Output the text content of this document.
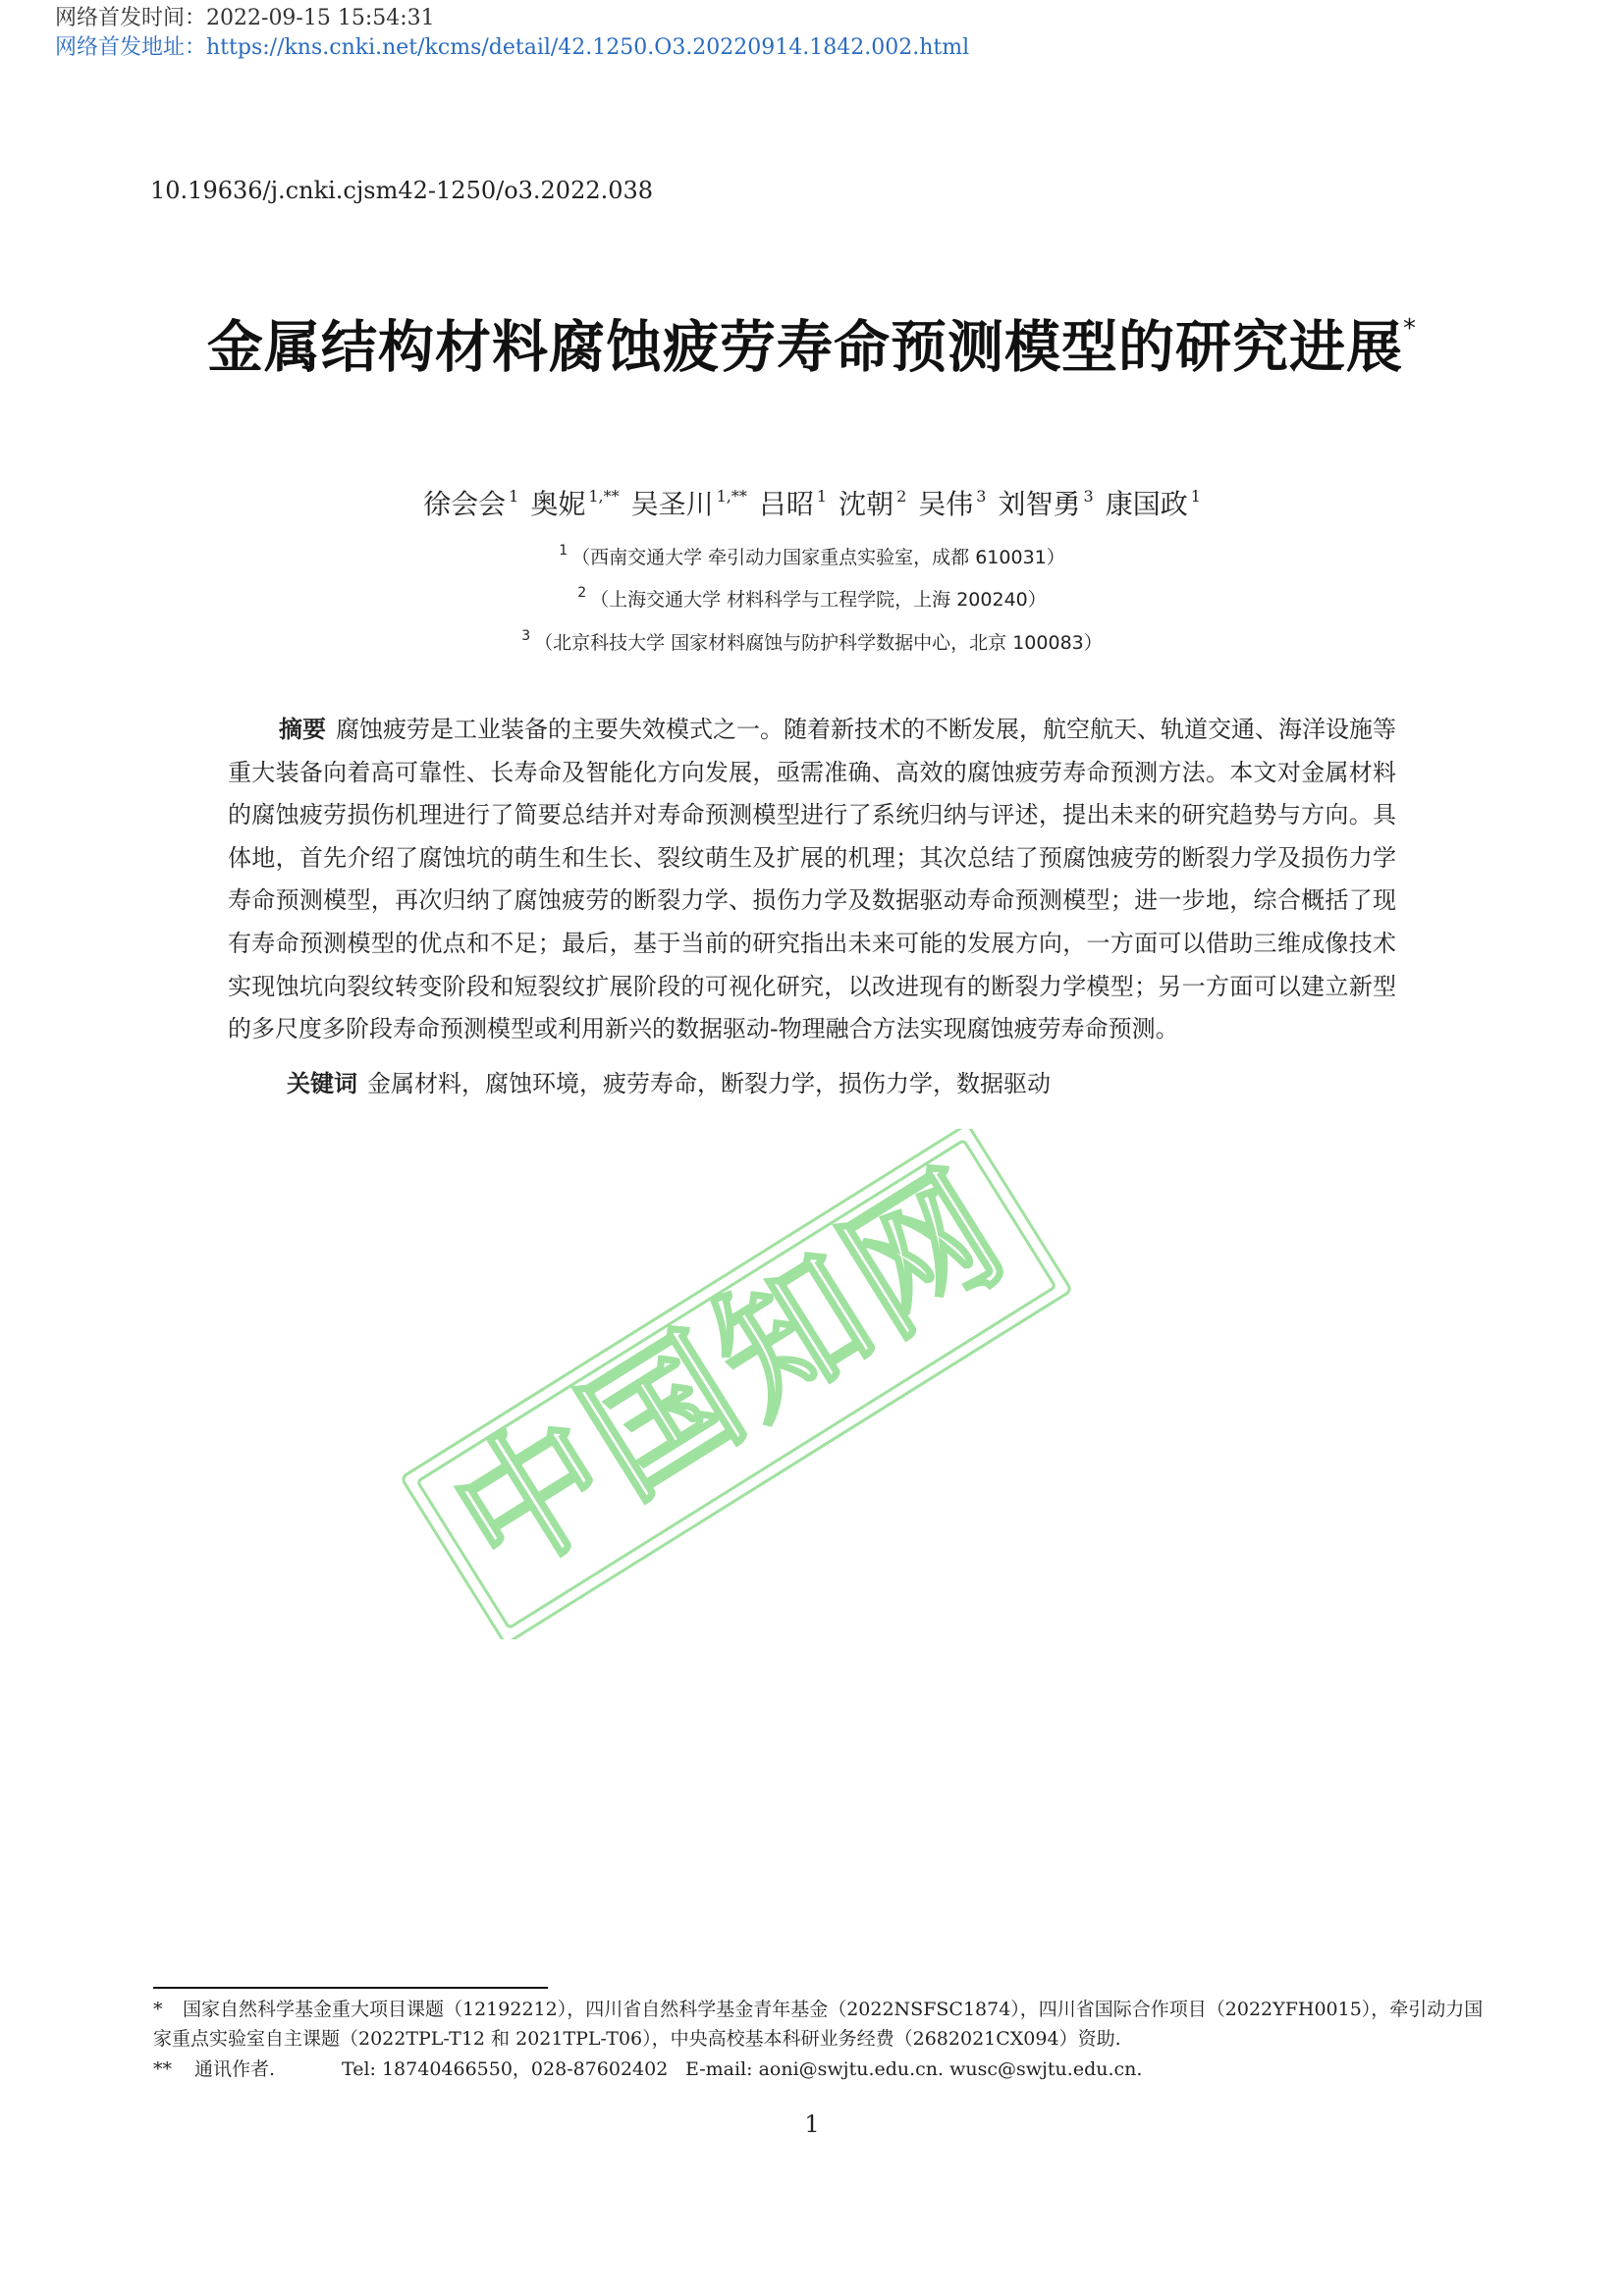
网络首发时间：2022-09-15 15:54:31
网络首发地址：https://kns.cnki.net/kcms/detail/42.1250.O3.20220914.1842.002.html
10.19636/j.cnki.cjsm42-1250/o3.2022.038
金属结构材料腐蚀疲劳寿命预测模型的研究进展*
徐会会 $^1$ 奥妮 $^{1,**}$ 吴圣川 $^{1,**}$ 吕昭 $^1$ 沈朝 $^2$ 吴伟 $^3$ 刘智勇 $^3$ 康国政 $^1$
$^1$ （西南交通大学 牵引动力国家重点实验室，成都 610031）
$^2$ （上海交通大学 材料科学与工程学院，上海 200240）
$^3$ （北京科技大学 国家材料腐蚀与防护科学数据中心，北京 100083）

摘要 腐蚀疲劳是工业装备的主要失效模式之一。随着新技术的不断发展，航空航天、轨道交通、海洋设施等重大装备向着高可靠性、长寿命及智能化方向发展，亟需准确、高效的腐蚀疲劳寿命预测方法。本文对金属材料的腐蚀疲劳损伤机理进行了简要总结并对寿命预测模型进行了系统归纳与评述，提出未来的研究趋势与方向。具体地，首先介绍了腐蚀坑的萌生和生长、裂纹萌生及扩展的机理；其次总结了预腐蚀疲劳的断裂力学及损伤力学寿命预测模型，再次归纳了腐蚀疲劳的断裂力学、损伤力学及数据驱动寿命预测模型；进一步地，综合概括了现有寿命预测模型的优点和不足；最后，基于当前的研究指出未来可能的发展方向，一方面可以借助三维成像技术实现蚀坑向裂纹转变阶段和短裂纹扩展阶段的可视化研究，以改进现有的断裂力学模型；另一方面可以建立新型的多尺度多阶段寿命预测模型或利用新兴的数据驱动-物理融合方法实现腐蚀疲劳寿命预测。

关键词 金属材料，腐蚀环境，疲劳寿命，断裂力学，损伤力学，数据驱动
中国知网
* 国家自然科学基金重大项目课题（12192212），四川省自然科学基金青年基金（2022NSFSC1874），四川省国际合作项目（2022YFH0015），牵引动力国家重点实验室自主课题（2022TPL-T12 和 2021TPL-T06），中央高校基本科研业务经费（2682021CX094）资助.
** 通讯作者.	Tel: 18740466550，028-87602402 E-mail: aoni@swjtu.edu.cn. wusc@swjtu.edu.cn.
1
